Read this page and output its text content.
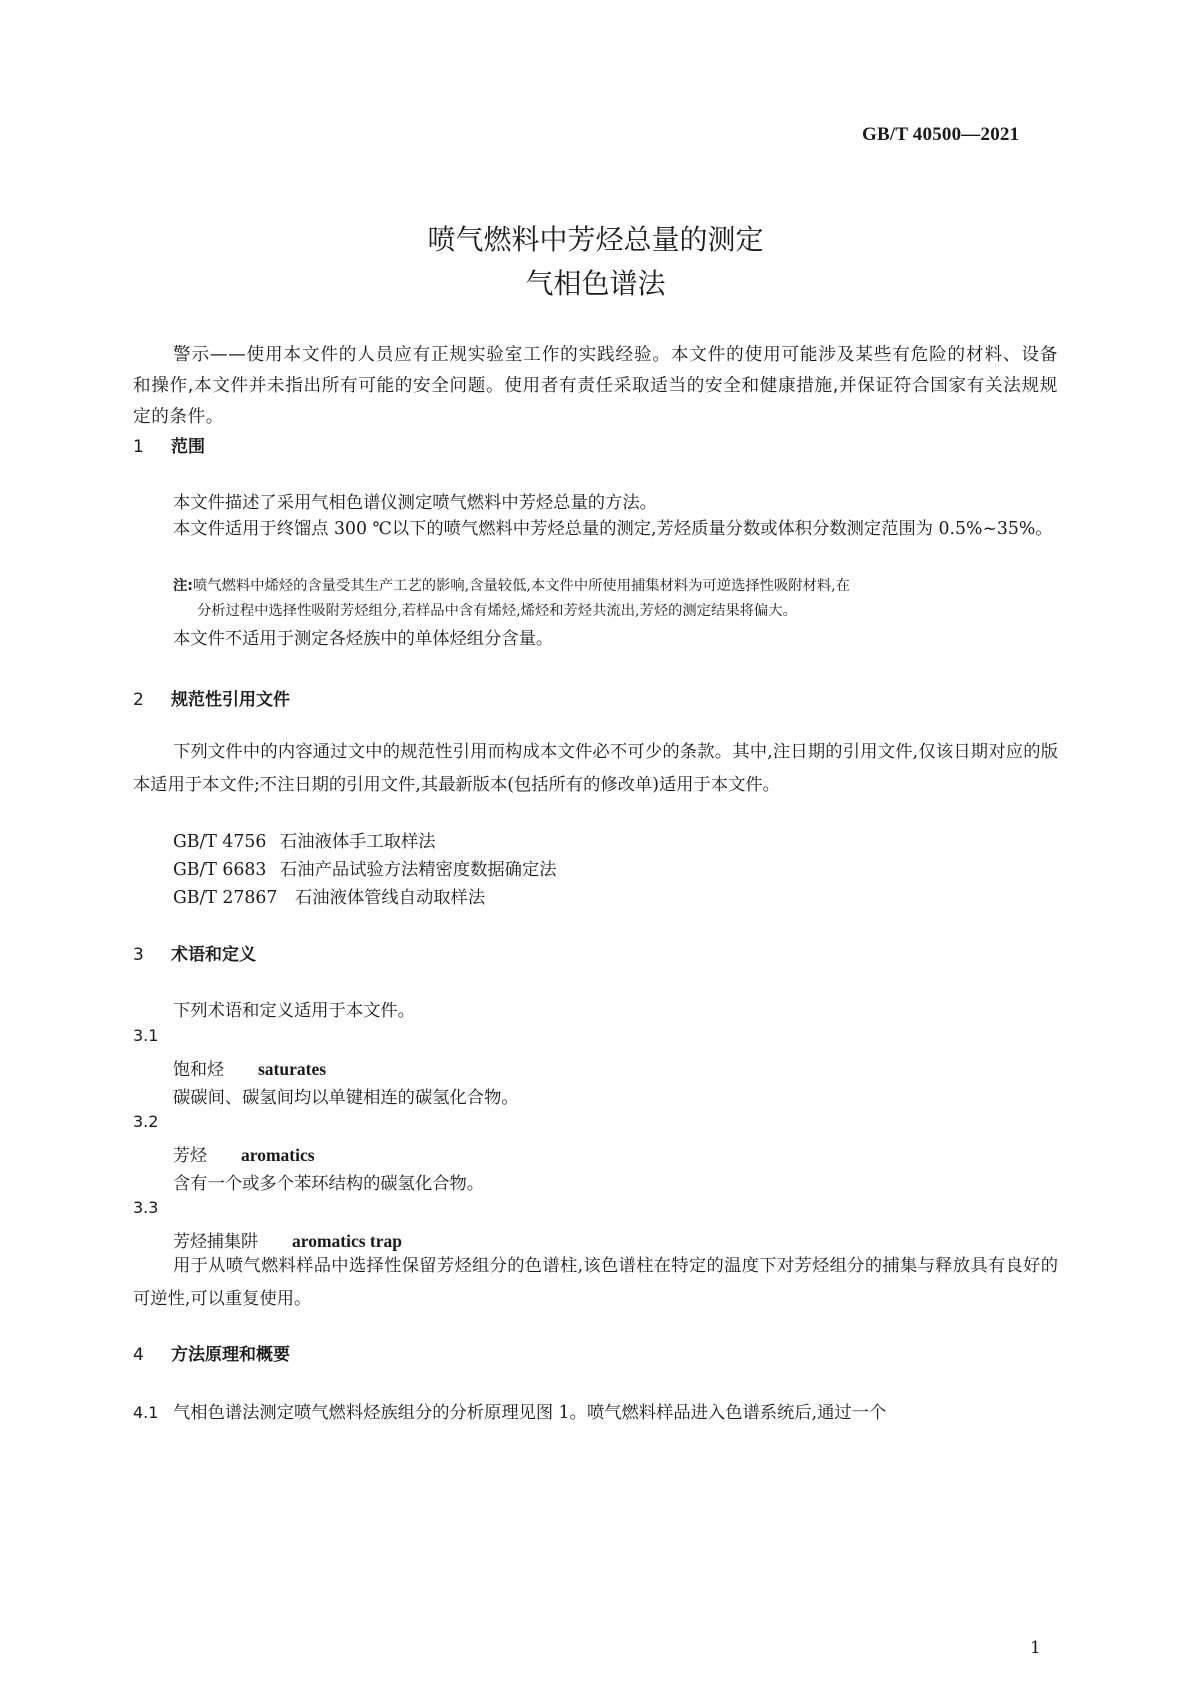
GB/T 40500—2021
喷气燃料中芳烃总量的测定
气相色谱法
警示——使用本文件的人员应有正规实验室工作的实践经验。本文件的使用可能涉及某些有危险的材料、设备和操作,本文件并未指出所有可能的安全问题。使用者有责任采取适当的安全和健康措施,并保证符合国家有关法规规定的条件。
1 范围
本文件描述了采用气相色谱仪测定喷气燃料中芳烃总量的方法。
本文件适用于终馏点 300 ℃以下的喷气燃料中芳烃总量的测定,芳烃质量分数或体积分数测定范围为 0.5%~35%。
注:喷气燃料中烯烃的含量受其生产工艺的影响,含量较低,本文件中所使用捕集材料为可逆选择性吸附材料,在
分析过程中选择性吸附芳烃组分,若样品中含有烯烃,烯烃和芳烃共流出,芳烃的测定结果将偏大。
本文件不适用于测定各烃族中的单体烃组分含量。
2 规范性引用文件
下列文件中的内容通过文中的规范性引用而构成本文件必不可少的条款。其中,注日期的引用文件,仅该日期对应的版本适用于本文件;不注日期的引用文件,其最新版本(包括所有的修改单)适用于本文件。
GB/T 4756 石油液体手工取样法
GB/T 6683 石油产品试验方法精密度数据确定法
GB/T 27867 石油液体管线自动取样法
3 术语和定义
下列术语和定义适用于本文件。
3.1
饱和烃 saturates
碳碳间、碳氢间均以单键相连的碳氢化合物。
3.2
芳烃 aromatics
含有一个或多个苯环结构的碳氢化合物。
3.3
芳烃捕集阱 aromatics trap
用于从喷气燃料样品中选择性保留芳烃组分的色谱柱,该色谱柱在特定的温度下对芳烃组分的捕集与释放具有良好的可逆性,可以重复使用。
4 方法原理和概要
4.1 气相色谱法测定喷气燃料烃族组分的分析原理见图 1。喷气燃料样品进入色谱系统后,通过一个
1
